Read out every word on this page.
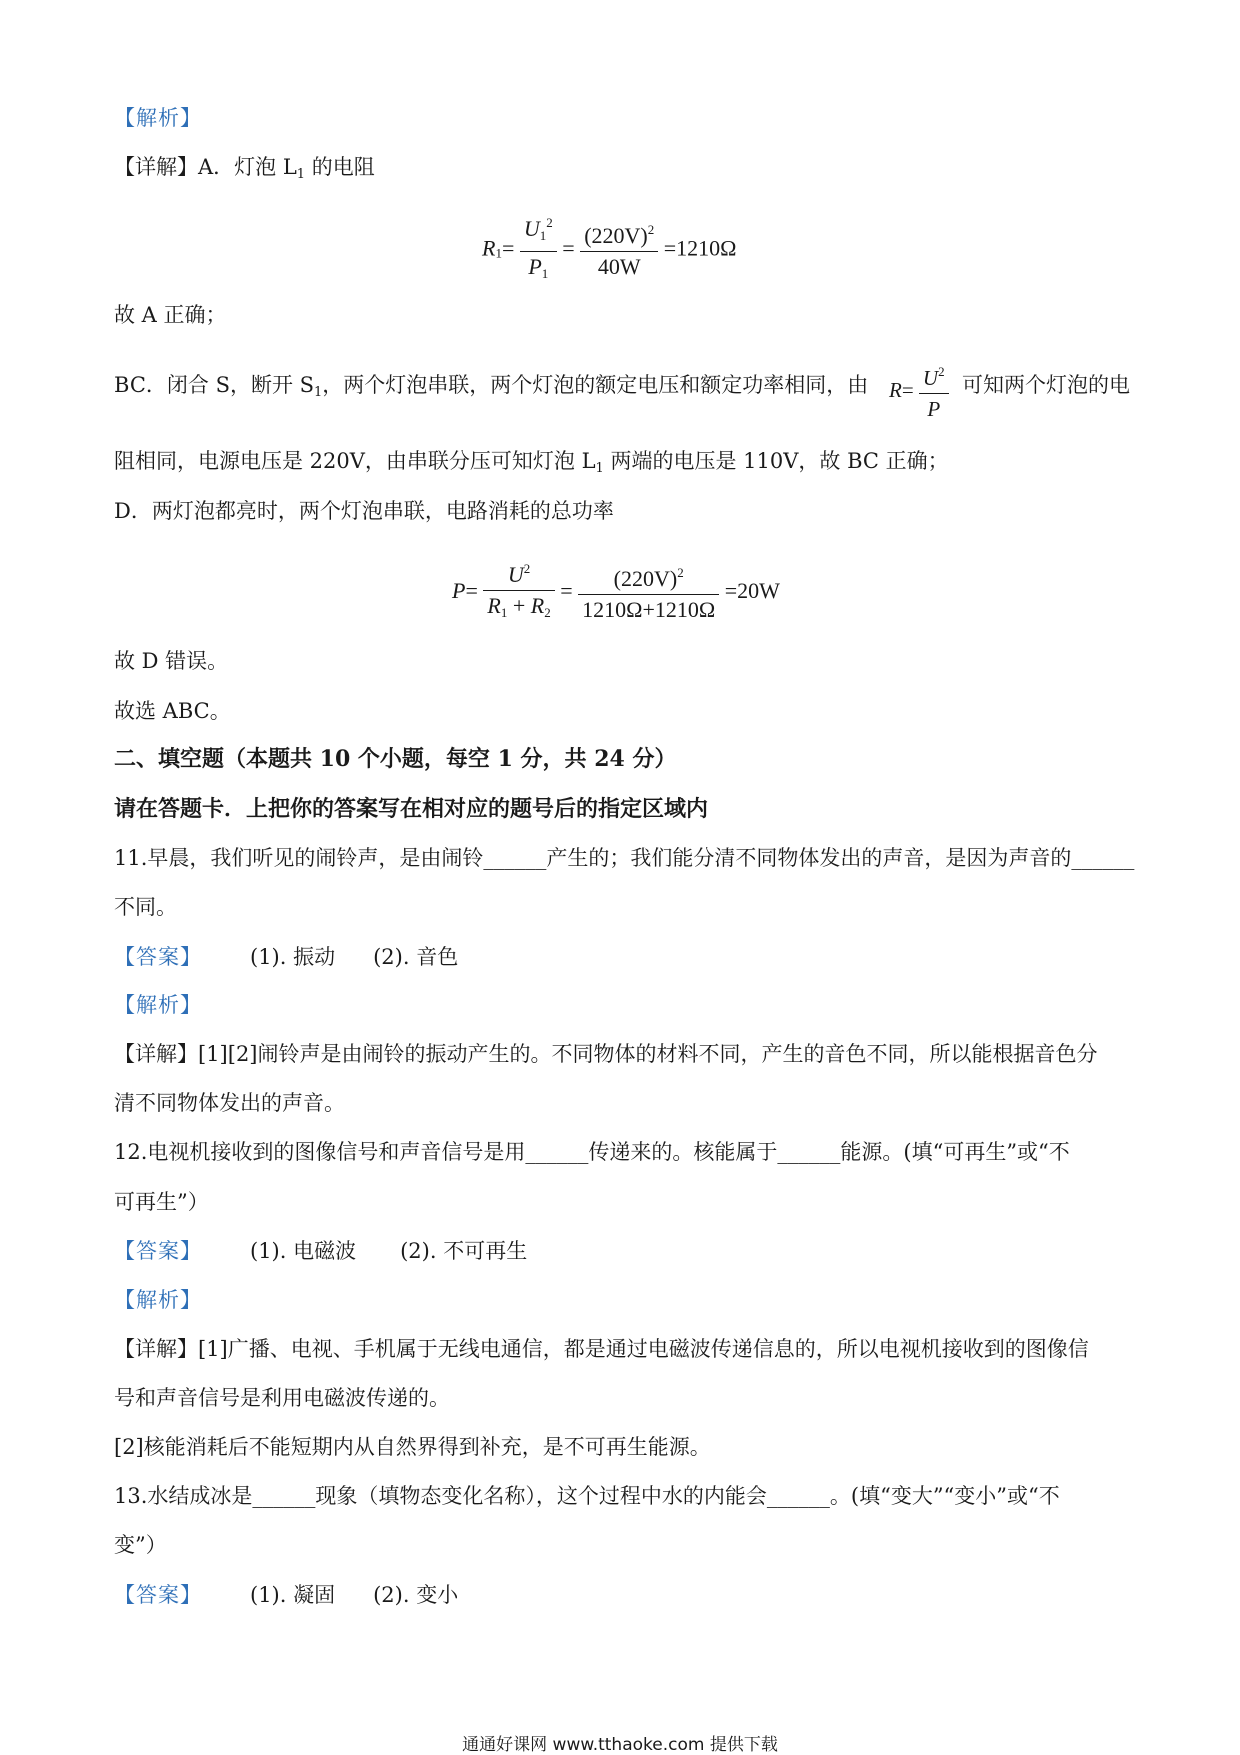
【解析】
【详解】A．灯泡 $L_1$ 的电阻
$R_1= \frac{U_1^2}{P_1} = \frac{(220V)^2}{40W} =1210\Omega$
故 A 正确；
BC．闭合 S，断开 $S_1$，两个灯泡串联，两个灯泡的额定电压和额定功率相同，由 $R= \frac{U^2}{P}$ 可知两个灯泡的电
阻相同，电源电压是 220V，由串联分压可知灯泡 $L_1$ 两端的电压是 110V，故 BC 正确；
D．两灯泡都亮时，两个灯泡串联，电路消耗的总功率
$P= \frac{U^2}{R_1 + R_2} = \frac{(220V)^2}{1210\Omega+1210\Omega} =20W$
故 D 错误。
故选 ABC。
二、填空题（本题共 10 个小题，每空 1 分，共 24 分）
请在答题卡．上把你的答案写在相对应的题号后的指定区域内
11.早晨，我们听见的闹铃声，是由闹铃______产生的；我们能分清不同物体发出的声音，是因为声音的______
不同。
【答案】 (1). 振动 (2). 音色
【解析】
【详解】[1][2]闹铃声是由闹铃的振动产生的。不同物体的材料不同，产生的音色不同，所以能根据音色分
清不同物体发出的声音。
12.电视机接收到的图像信号和声音信号是用______传递来的。核能属于______能源。(填“可再生”或“不
可再生”）
【答案】 (1). 电磁波 (2). 不可再生
【解析】
【详解】[1]广播、电视、手机属于无线电通信，都是通过电磁波传递信息的，所以电视机接收到的图像信
号和声音信号是利用电磁波传递的。
[2]核能消耗后不能短期内从自然界得到补充，是不可再生能源。
13.水结成冰是______现象（填物态变化名称），这个过程中水的内能会______。(填“变大”“变小”或“不
变”）
【答案】 (1). 凝固 (2). 变小
通通好课网 www.tthaoke.com 提供下载
